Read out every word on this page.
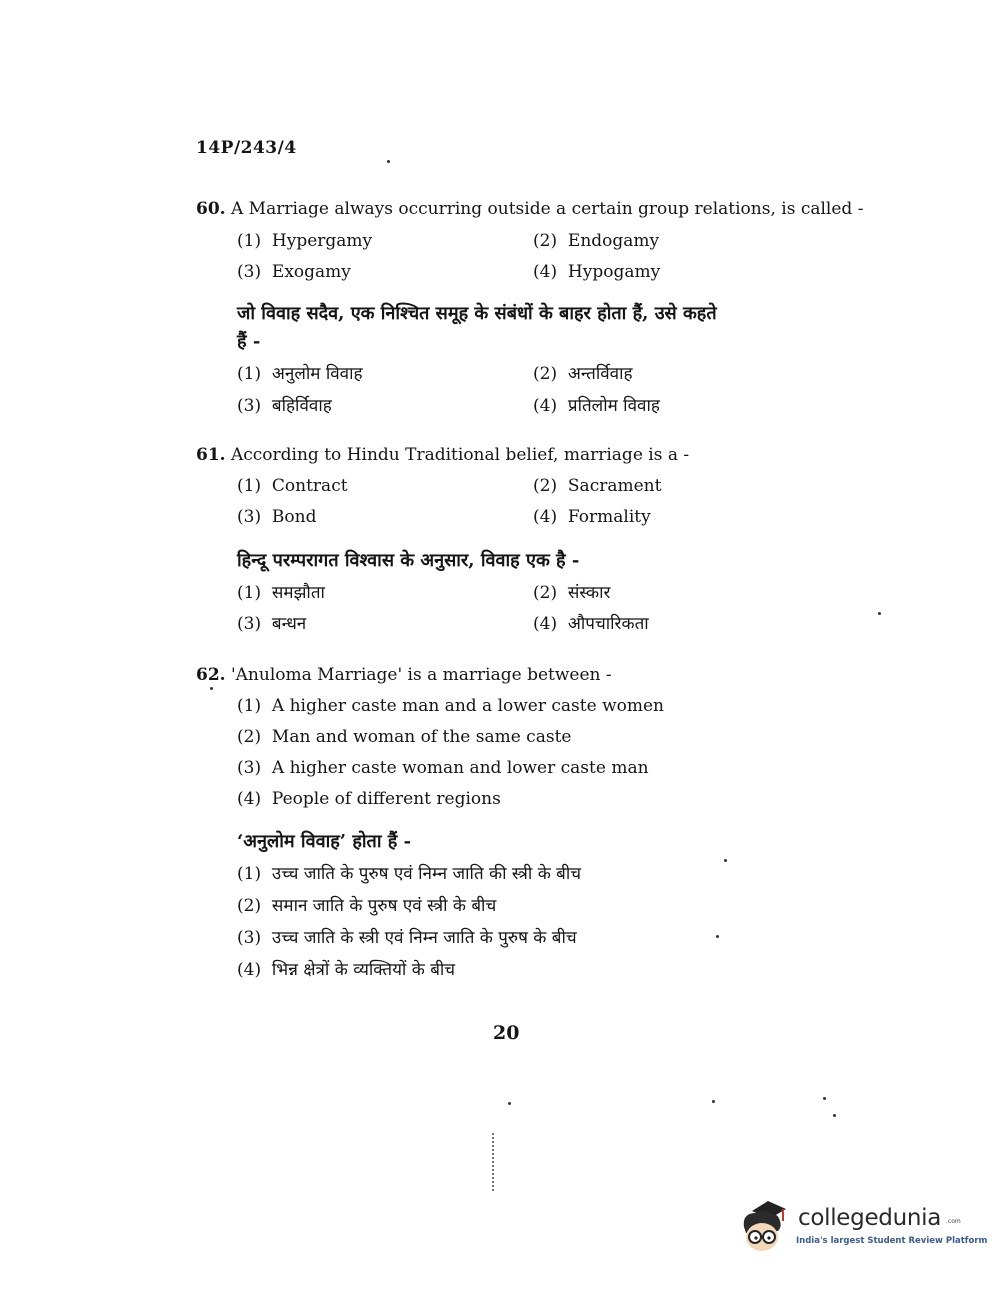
14P/243/4
60. A Marriage always occurring outside a certain group relations, is called -
(1) Hypergamy	(2) Endogamy
(3) Exogamy	(4) Hypogamy
जो विवाह सदैव, एक निश्चित समूह के संबंधों के बाहर होता हैं, उसे कहते
हैं -
(1) अनुलोम विवाह	(2) अन्तर्विवाह
(3) बहिर्विवाह	(4) प्रतिलोम विवाह
61. According to Hindu Traditional belief, marriage is a -
(1) Contract	(2) Sacrament
(3) Bond	(4) Formality
हिन्दू परम्परागत विश्वास के अनुसार, विवाह एक है -
(1) समझौता	(2) संस्कार
(3) बन्धन	(4) औपचारिकता
62. 'Anuloma Marriage' is a marriage between -
(1) A higher caste man and a lower caste women
(2) Man and woman of the same caste
(3) A higher caste woman and lower caste man
(4) People of different regions
‘अनुलोम विवाह’ होता हैं -
(1) उच्च जाति के पुरुष एवं निम्न जाति की स्त्री के बीच
(2) समान जाति के पुरुष एवं स्त्री के बीच
(3) उच्च जाति के स्त्री एवं निम्न जाति के पुरुष के बीच
(4) भिन्न क्षेत्रों के व्यक्तियों के बीच
20
collegedunia .com
India's largest Student Review Platform
